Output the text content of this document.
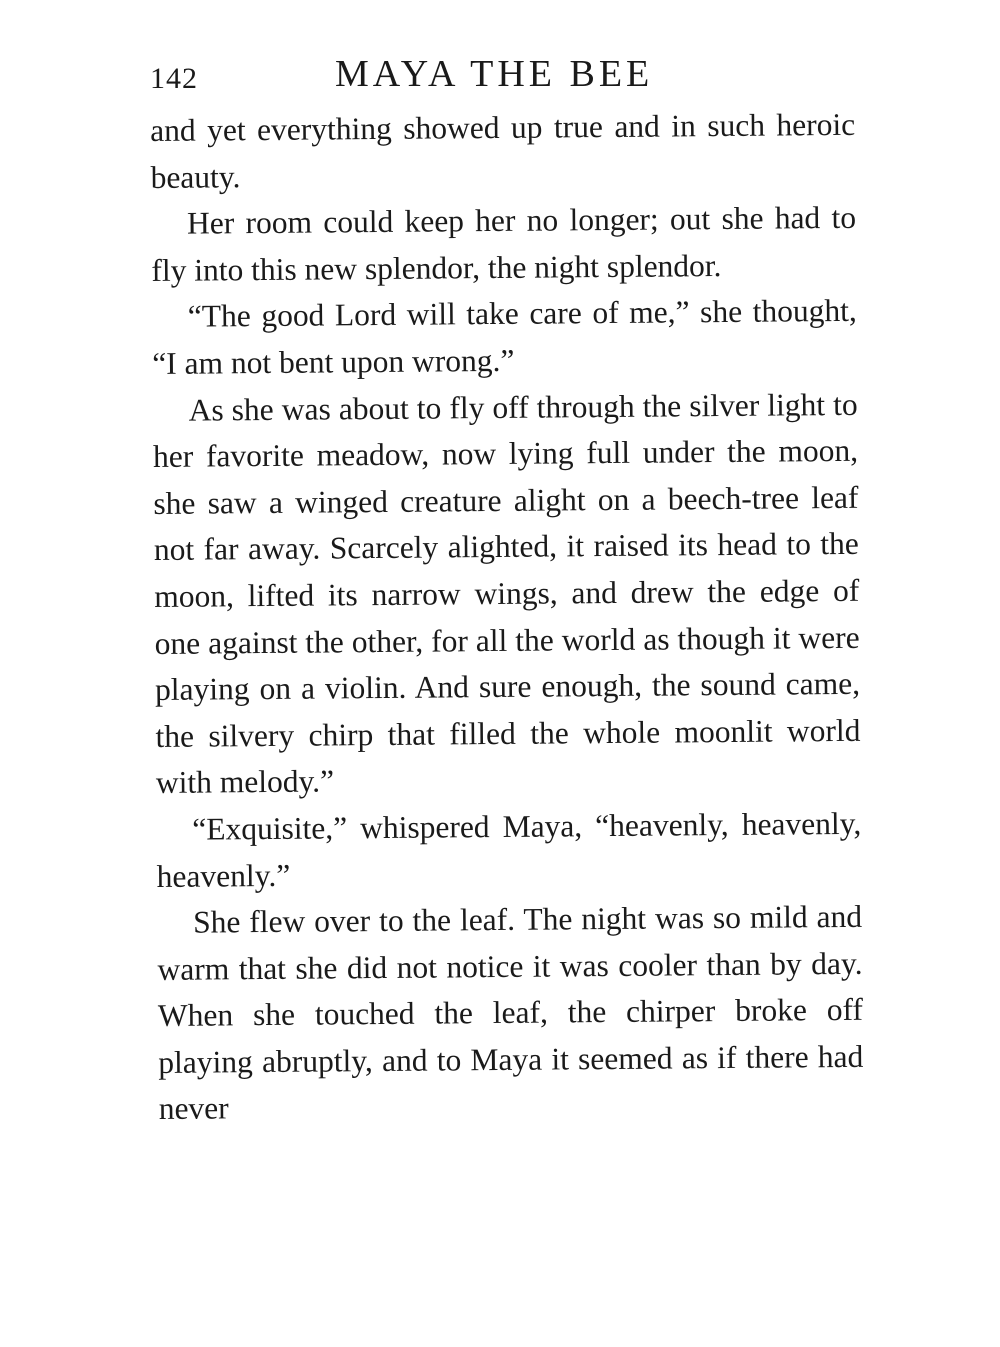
142	MAYA THE BEE

and yet everything showed up true and in such heroic beauty.

Her room could keep her no longer; out she had to fly into this new splendor, the night splendor.

“The good Lord will take care of me,” she thought, “I am not bent upon wrong.”

As she was about to fly off through the silver light to her favorite meadow, now lying full under the moon, she saw a winged creature alight on a beech-tree leaf not far away. Scarcely alighted, it raised its head to the moon, lifted its narrow wings, and drew the edge of one against the other, for all the world as though it were playing on a violin. And sure enough, the sound came, the silvery chirp that filled the whole moonlit world with melody.”

“Exquisite,” whispered Maya, “heavenly, heavenly, heavenly.”

She flew over to the leaf. The night was so mild and warm that she did not notice it was cooler than by day. When she touched the leaf, the chirper broke off playing abruptly, and to Maya it seemed as if there had never
